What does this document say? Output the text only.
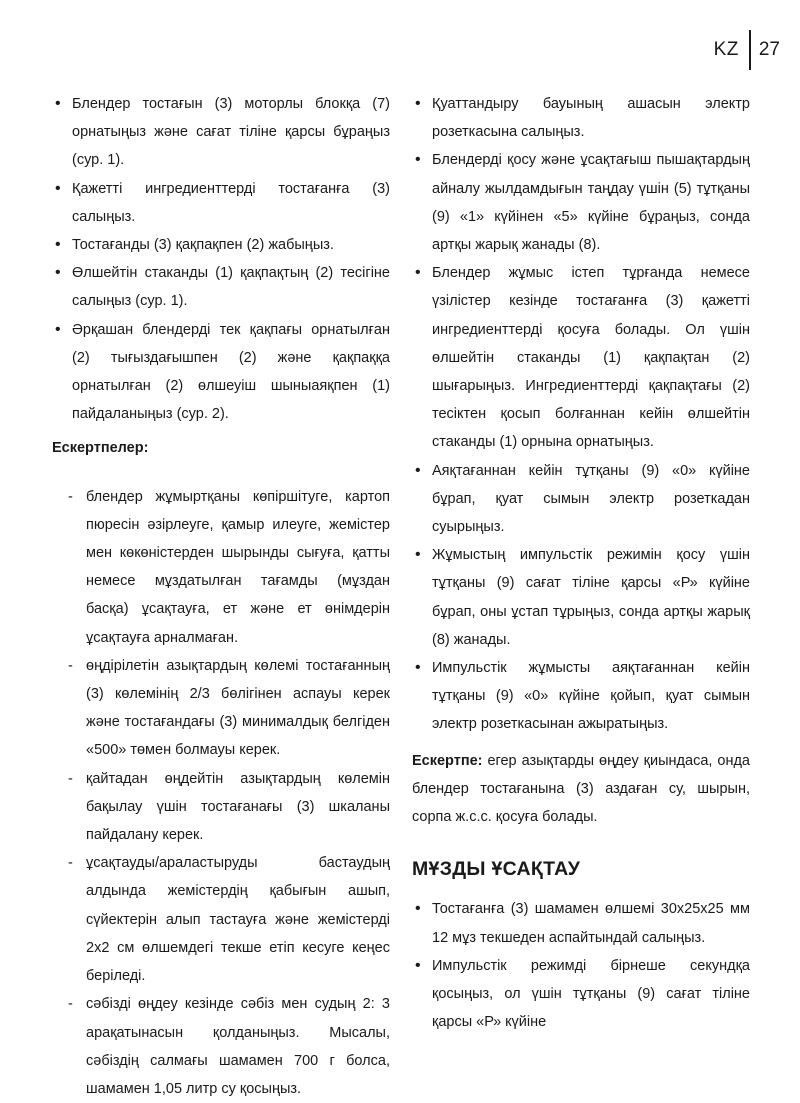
KZ 27
• Блендер тостағын (3) моторлы блокқа (7) орнатыңыз және сағат тіліне қарсы бұраңыз (сур. 1).
• Қажетті ингредиенттерді тостағанға (3) салыңыз.
• Тостағанды (3) қақпақпен (2) жабыңыз.
• Өлшейтін стаканды (1) қақпақтың (2) тесігіне салыңыз (сур. 1).
• Әрқашан блендерді тек қақпағы орнатылған (2) тығыздағышпен (2) және қақпаққа орнатылған (2) өлшеуіш шыныаяқпен (1) пайдаланыңыз (сур. 2).
Ескертпелер:
- блендер жұмыртқаны көпіршітуге, картоп пюресін әзірлеуге, қамыр илеуге, жемістер мен көкөністерден шырынды сығуға, қатты немесе мұздатылған тағамды (мұздан басқа) ұсақтауға, ет және ет өнімдерін ұсақтауға арналмаған.
- өңдірілетін азықтардың көлемі тостағанның (3) көлемінің 2/3 бөлігінен аспауы керек және тостағандағы (3) минималдық белгіден «500» төмен болмауы керек.
- қайтадан өңдейтін азықтардың көлемін бақылау үшін тостағанағы (3) шкаланы пайдалану керек.
- ұсақтауды/араластыруды бастаудың алдында жемістердің қабығын ашып, сүйектерін алып тастауға және жемістерді 2х2 см өлшемдегі текше етіп кесуге кеңес беріледі.
- сәбізді өңдеу кезінде сәбіз мен судың 2: 3 арақатынасын қолданыңыз. Мысалы, сәбіздің салмағы шамамен 700 г болса, шамамен 1,05 литр су қосыңыз.
• Қуаттандыру бауының ашасын электр розеткасына салыңыз.
• Блендерді қосу және ұсақтағыш пышақтардың айналу жылдамдығын таңдау үшін (5) тұтқаны (9) «1» күйінен «5» күйіне бұраңыз, сонда артқы жарық жанады (8).
• Блендер жұмыс істеп тұрғанда немесе үзілістер кезінде тостағанға (3) қажетті ингредиенттерді қосуға болады. Ол үшін өлшейтін стаканды (1) қақпақтан (2) шығарыңыз. Ингредиенттерді қақпақтағы (2) тесіктен қосып болғаннан кейін өлшейтін стаканды (1) орнына орнатыңыз.
• Аяқтағаннан кейін тұтқаны (9) «0» күйіне бұрап, қуат сымын электр розеткадан суырыңыз.
• Жұмыстың импульстік режимін қосу үшін тұтқаны (9) сағат тіліне қарсы «Р» күйіне бұрап, оны ұстап тұрыңыз, сонда артқы жарық (8) жанады.
• Импульстік жұмысты аяқтағаннан кейін тұтқаны (9) «0» күйіне қойып, қуат сымын электр розеткасынан ажыратыңыз.

Ескертпе: егер азықтарды өңдеу қиындаса, онда блендер тостағанына (3) аздаған су, шырын, сорпа ж.с.с. қосуға болады.

МҰЗДЫ ҰСАҚТАУ
• Тостағанға (3) шамамен өлшемі 30х25х25 мм 12 мұз текшеден аспайтындай салыңыз.
• Импульстік режимді бірнеше секундқа қосыңыз, ол үшін тұтқаны (9) сағат тіліне қарсы «Р» күйіне
